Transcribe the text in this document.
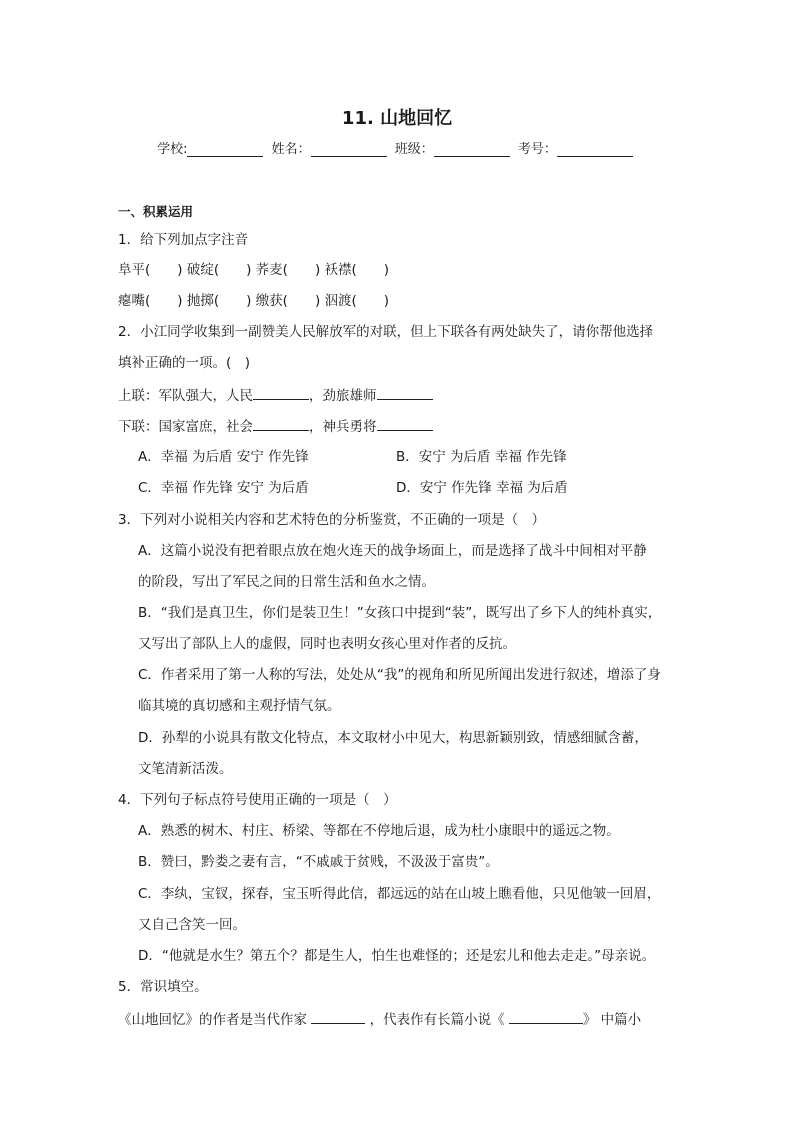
11. 山地回忆
学校:	姓名：	班级：	考号：
一、积累运用
1．给下列加点字注音
阜平(　　) 破绽(　　) 荞麦(　　) 袄襟(　　)
瘪嘴(　　) 抛掷(　　) 缴获(　　) 泅渡(　　)
2．小江同学收集到一副赞美人民解放军的对联，但上下联各有两处缺失了，请你帮他选择
填补正确的一项。(　)
上联：军队强大，人民	，劲旅雄师
下联：国家富庶，社会	，神兵勇将
A．幸福 为后盾 安宁 作先锋	B．安宁 为后盾 幸福 作先锋
C．幸福 作先锋 安宁 为后盾	D．安宁 作先锋 幸福 为后盾
3．下列对小说相关内容和艺术特色的分析鉴赏，不正确的一项是（　）
A．这篇小说没有把着眼点放在炮火连天的战争场面上，而是选择了战斗中间相对平静
的阶段，写出了军民之间的日常生活和鱼水之情。
B．“我们是真卫生，你们是装卫生！”女孩口中提到“装”，既写出了乡下人的纯朴真实，
又写出了部队上人的虚假，同时也表明女孩心里对作者的反抗。
C．作者采用了第一人称的写法，处处从“我”的视角和所见所闻出发进行叙述，增添了身
临其境的真切感和主观抒情气氛。
D．孙犁的小说具有散文化特点，本文取材小中见大，构思新颖别致，情感细腻含蓄，
文笔清新活泼。
4．下列句子标点符号使用正确的一项是（　）
A．熟悉的树木、村庄、桥梁、等都在不停地后退，成为杜小康眼中的遥远之物。
B．赞曰，黔娄之妻有言，“不戚戚于贫贱，不汲汲于富贵”。
C．李纨，宝钗，探春，宝玉听得此信，都远远的站在山坡上瞧看他，只见他皱一回眉，
又自己含笑一回。
D．“他就是水生？第五个？都是生人，怕生也难怪的；还是宏儿和他去走走。”母亲说。
5．常识填空。
《山地回忆》的作者是当代作家	，代表作有长篇小说《	》 中篇小
